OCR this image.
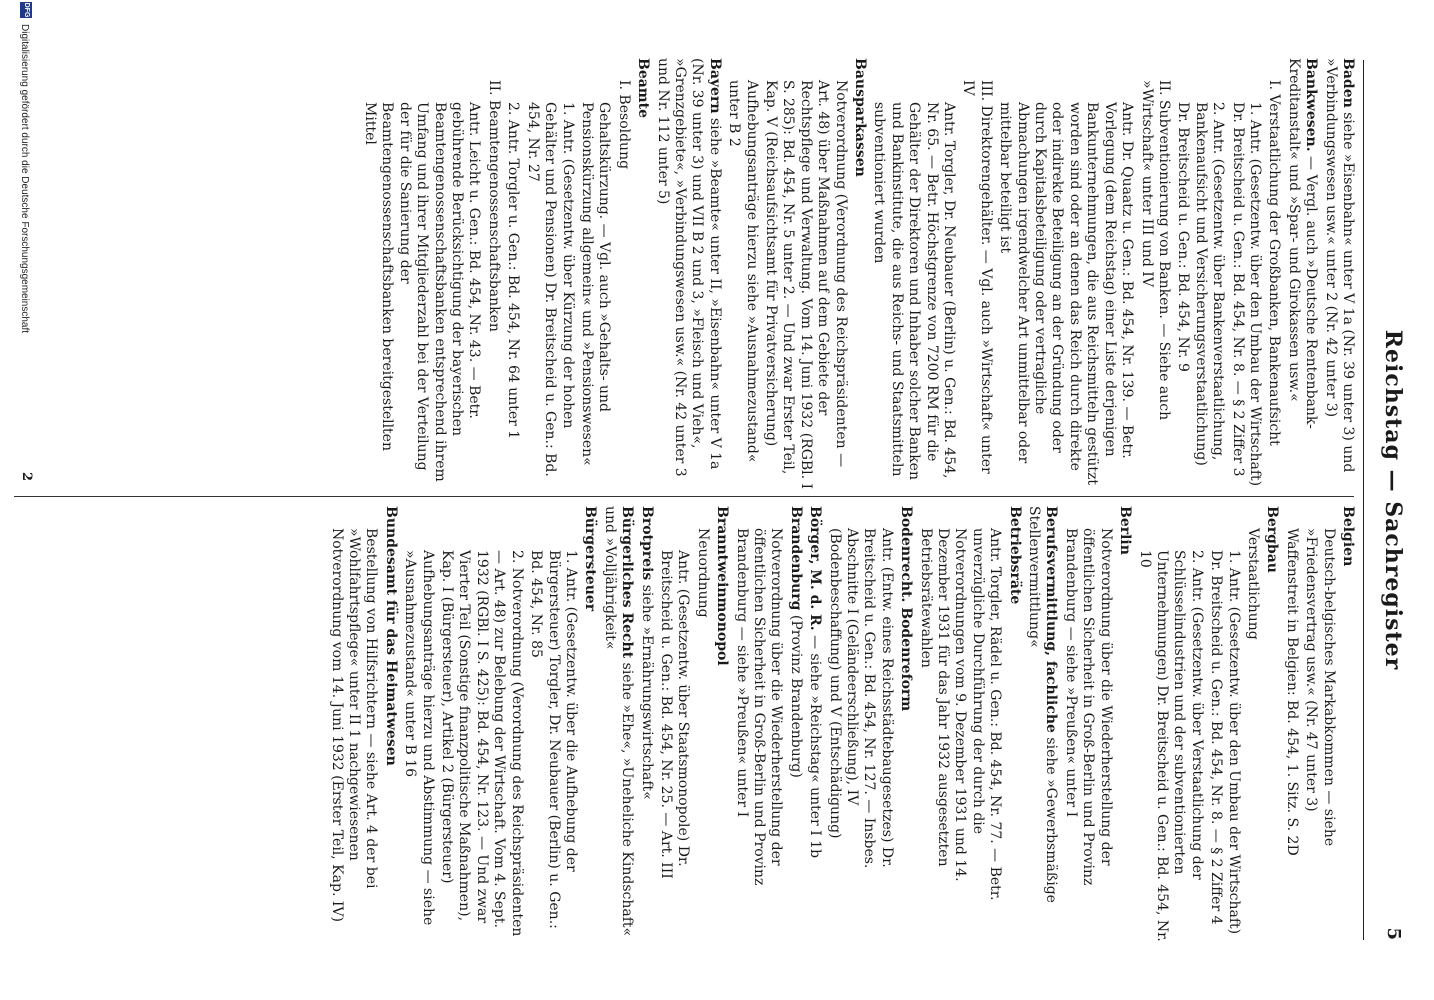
Reichstag — Sachregister
5

Baden siehe »Eisenbahn« unter V 1a (Nr. 39 unter 3) und »Verbindungswesen usw.« unter 2 (Nr. 42 unter 3)

Bankwesen. — Vergl. auch »Deutsche Rentenbank-Kreditanstalt« und »Spar- und Girokassen usw.«

I. Verstaatlichung der Großbanken, Bankenaufsicht

1. Antr. (Gesetzentw. über den Umbau der Wirtschaft) Dr. Breitscheid u. Gen.: Bd. 454, Nr. 8. — § 2 Ziffer 3

2. Antr. (Gesetzentw. über Bankenverstaatlichung, Bankenaufsicht und Versicherungsverstaatlichung) Dr. Breitscheid u. Gen.: Bd. 454, Nr. 9

II. Subventionierung von Banken. — Siehe auch »Wirtschaft« unter III und IV

Antr. Dr. Quaatz u. Gen.: Bd. 454, Nr. 139. — Betr. Vorlegung (dem Reichstag) einer Liste derjenigen Bankunternehmungen, die aus Reichsmitteln gestützt worden sind oder an denen das Reich durch direkte oder indirekte Beteiligung an der Gründung oder durch Kapitalsbeteiligung oder vertragliche Abmachungen irgendwelcher Art unmittelbar oder mittelbar beteiligt ist

III. Direktorengehälter. — Vgl. auch »Wirtschaft« unter IV

Antr. Torgler, Dr. Neubauer (Berlin) u. Gen.: Bd. 454, Nr. 65. — Betr. Höchstgrenze von 7200 RM für die Gehälter der Direktoren und Inhaber solcher Banken und Bankinstitute, die aus Reichs- und Staatsmitteln subventioniert wurden

Bausparkassen

Notverordnung (Verordnung des Reichspräsidenten — Art. 48) über Maßnahmen auf dem Gebiete der Rechtspflege und Verwaltung. Vom 14. Juni 1932 (RGBl. I S. 285): Bd. 454, Nr. 5 unter 2. — Und zwar Erster Teil, Kap. V (Reichsaufsichtsamt für Privatversicherung)

Aufhebungsanträge hierzu siehe »Ausnahmezustand« unter B 2

Bayern siehe »Beamte« unter II, »Eisenbahn« unter V 1a (Nr. 39 unter 3) und VII B 2 und 3, »Fleisch und Vieh«, »Grenzgebiete«, »Verbindungswesen usw.« (Nr. 42 unter 3 und Nr. 112 unter 5)

Beamte

I. Besoldung

Gehaltskürzung. — Vgl. auch »Gehalts- und Pensionskürzung allgemein« und »Pensionswesen«

1. Antr. (Gesetzentw. über Kürzung der hohen Gehälter und Pensionen) Dr. Breitscheid u. Gen.: Bd. 454, Nr. 27

2. Antr. Torgler u. Gen.: Bd. 454, Nr. 64 unter 1

II. Beamtengenossenschaftsbanken

Antr. Leicht u. Gen.: Bd. 454, Nr. 43. — Betr. gebührende Berücksichtigung der bayerischen Beamtengenossenschaftsbanken entsprechend ihrem Umfang und ihrer Mitgliederzahl bei der Verteilung der für die Sanierung der Beamtengenossenschaftsbanken bereitgestellten Mittel

Belgien

Deutsch-belgisches Markabkommen — siehe »Friedensvertrag usw.« (Nr. 47 unter 3)

Waffenstreit in Belgien: Bd. 454, 1. Sitz. S. 2D

Bergbau

Verstaatlichung

1. Antr. (Gesetzentw. über den Umbau der Wirtschaft) Dr. Breitscheid u. Gen.: Bd. 454, Nr. 8. — § 2 Ziffer 4

2. Antr. (Gesetzentw. über Verstaatlichung der Schlüsselindustrien und der subventionierten Unternehmungen) Dr. Breitscheid u. Gen.: Bd. 454, Nr. 10

Berlin

Notverordnung über die Wiederherstellung der öffentlichen Sicherheit in Groß-Berlin und Provinz Brandenburg — siehe »Preußen« unter I

Berufsvermittlung, fachliche siehe »Gewerbsmäßige Stellenvermittlung«

Betriebsräte

Antr. Torgler, Rädel u. Gen.: Bd. 454, Nr. 77. — Betr. unverzügliche Durchführung der durch die Notverordnungen vom 9. Dezember 1931 und 14. Dezember 1931 für das Jahr 1932 ausgesetzten Betriebsrätewahlen

Bodenrecht. Bodenreform

Antr. (Entw. eines Reichsstädtebaugesetzes) Dr. Breitscheid u. Gen.: Bd. 454, Nr. 127. — Insbes. Abschnitte I (Geländeerschließung), IV (Bodenbeschaffung) und V (Entschädigung)

Börger, M. d. R. — siehe »Reichstag« unter I 1b

Brandenburg (Provinz Brandenburg)

Notverordnung über die Wiederherstellung der öffentlichen Sicherheit in Groß-Berlin und Provinz Brandenburg — siehe »Preußen« unter I

Branntweinmonopol

Neuordnung

Antr. (Gesetzentw. über Staatsmonopole) Dr. Breitscheid u. Gen.: Bd. 454, Nr. 25. — Art. III

Brotpreis siehe »Ernährungswirtschaft«

Bürgerliches Recht siehe »Ehe«, »Uneheliche Kindschaft« und »Volljährigkeit«

Bürgersteuer

1. Antr. (Gesetzentw. über die Aufhebung der Bürgersteuer) Torgler, Dr. Neubauer (Berlin) u. Gen.: Bd. 454, Nr. 85

2. Notverordnung (Verordnung des Reichspräsidenten — Art. 48) zur Belebung der Wirtschaft. Vom 4. Sept. 1932 (RGBl. I S. 425): Bd. 454, Nr. 123. — Und zwar Vierter Teil (Sonstige finanzpolitische Maßnahmen), Kap. I (Bürgersteuer), Artikel 2 (Bürgersteuer)

Aufhebungsanträge hierzu und Abstimmung — siehe »Ausnahmezustand« unter B 16

Bundesamt für das Heimatwesen

Bestellung von Hilfsrichtern — siehe Art. 4 der bei »Wohlfahrtspflege« unter II 1 nachgewiesenen Notverordnung vom 14. Juni 1932 (Erster Teil, Kap. IV)

2
DFG
Digitalisierung gefördert durch die Deutsche Forschungsgemeinschaft
